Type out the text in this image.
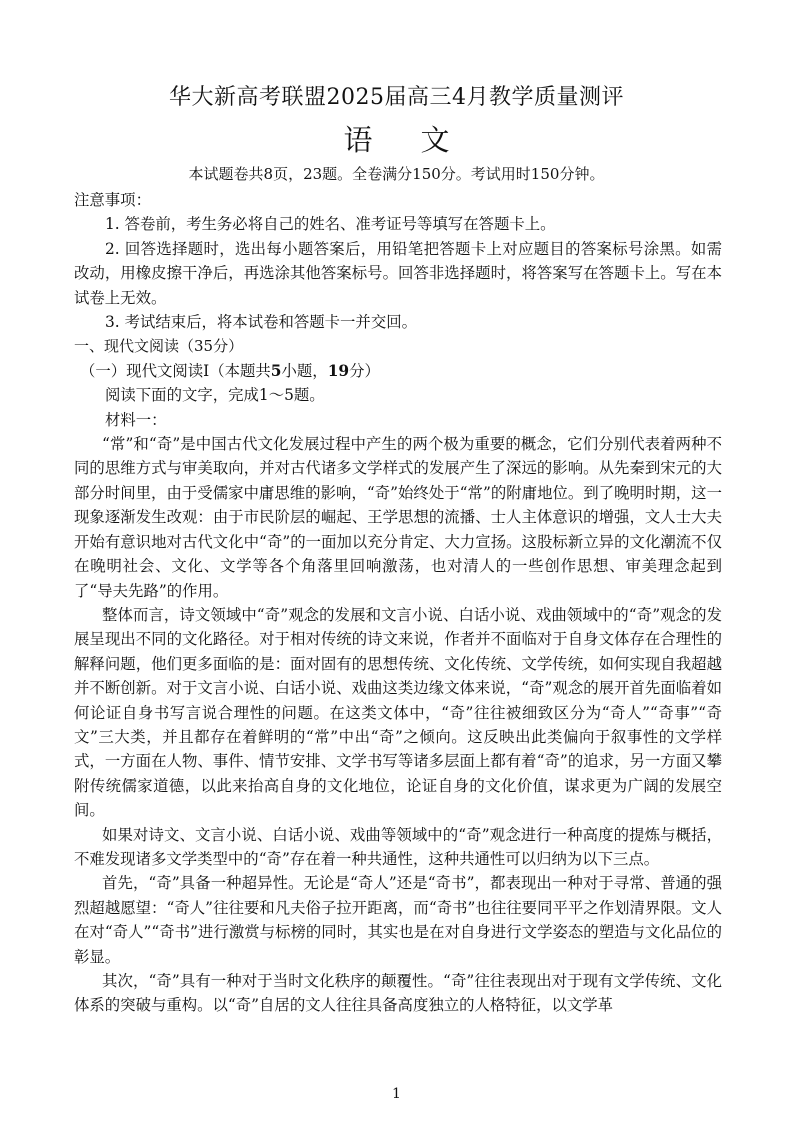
华大新高考联盟2025届高三4月教学质量测评
语文
本试题卷共8页，23题。全卷满分150分。考试用时150分钟。

注意事项：

1. 答卷前，考生务必将自己的姓名、准考证号等填写在答题卡上。

2. 回答选择题时，选出每小题答案后，用铅笔把答题卡上对应题目的答案标号涂黑。如需改动，用橡皮擦干净后，再选涂其他答案标号。回答非选择题时，将答案写在答题卡上。写在本试卷上无效。

3. 考试结束后，将本试卷和答题卡一并交回。

一、现代文阅读（35分）

（一）现代文阅读Ⅰ（本题共5小题，19分）

阅读下面的文字，完成1～5题。

材料一：

“常”和“奇”是中国古代文化发展过程中产生的两个极为重要的概念，它们分别代表着两种不同的思维方式与审美取向，并对古代诸多文学样式的发展产生了深远的影响。从先秦到宋元的大部分时间里，由于受儒家中庸思维的影响，“奇”始终处于“常”的附庸地位。到了晚明时期，这一现象逐渐发生改观：由于市民阶层的崛起、王学思想的流播、士人主体意识的增强，文人士大夫开始有意识地对古代文化中“奇”的一面加以充分肯定、大力宣扬。这股标新立异的文化潮流不仅在晚明社会、文化、文学等各个角落里回响激荡，也对清人的一些创作思想、审美理念起到了“导夫先路”的作用。

整体而言，诗文领域中“奇”观念的发展和文言小说、白话小说、戏曲领域中的“奇”观念的发展呈现出不同的文化路径。对于相对传统的诗文来说，作者并不面临对于自身文体存在合理性的解释问题，他们更多面临的是：面对固有的思想传统、文化传统、文学传统，如何实现自我超越并不断创新。对于文言小说、白话小说、戏曲这类边缘文体来说，“奇”观念的展开首先面临着如何论证自身书写言说合理性的问题。在这类文体中，“奇”往往被细致区分为“奇人”“奇事”“奇文”三大类，并且都存在着鲜明的“常”中出“奇”之倾向。这反映出此类偏向于叙事性的文学样式，一方面在人物、事件、情节安排、文学书写等诸多层面上都有着“奇”的追求，另一方面又攀附传统儒家道德，以此来抬高自身的文化地位，论证自身的文化价值，谋求更为广阔的发展空间。

如果对诗文、文言小说、白话小说、戏曲等领域中的“奇”观念进行一种高度的提炼与概括，不难发现诸多文学类型中的“奇”存在着一种共通性，这种共通性可以归纳为以下三点。

首先，“奇”具备一种超异性。无论是“奇人”还是“奇书”，都表现出一种对于寻常、普通的强烈超越愿望：“奇人”往往要和凡夫俗子拉开距离，而“奇书”也往往要同平平之作划清界限。文人在对“奇人”“奇书”进行激赏与标榜的同时，其实也是在对自身进行文学姿态的塑造与文化品位的彰显。

其次，“奇”具有一种对于当时文化秩序的颠覆性。“奇”往往表现出对于现有文学传统、文化体系的突破与重构。以“奇”自居的文人往往具备高度独立的人格特征，以文学革

1
